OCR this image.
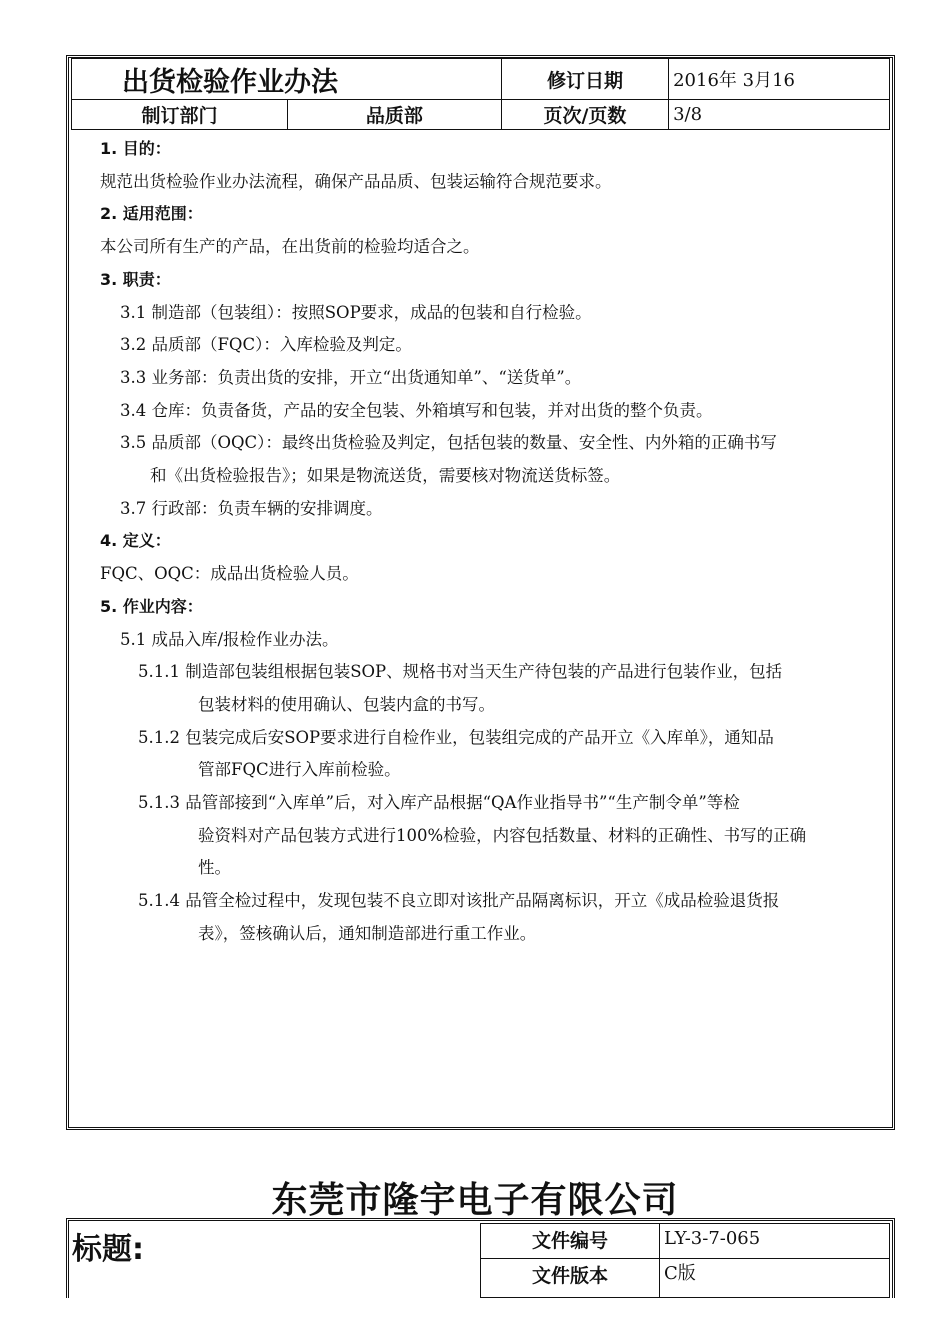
出货检验作业办法		修订日期	2016年 3月16
制订部门	品质部	页次/页数	3/8
1. 目的：
规范出货检验作业办法流程，确保产品品质、包装运输符合规范要求。
2. 适用范围：
本公司所有生产的产品，在出货前的检验均适合之。
3. 职责：
3.1 制造部（包装组）：按照SOP要求，成品的包装和自行检验。
3.2 品质部（FQC）：入库检验及判定。
3.3 业务部：负责出货的安排，开立“出货通知单”、“送货单”。
3.4 仓库：负责备货，产品的安全包装、外箱填写和包装，并对出货的整个负责。
3.5 品质部（OQC）：最终出货检验及判定，包括包装的数量、安全性、内外箱的正确书写
和《出货检验报告》；如果是物流送货，需要核对物流送货标签。
3.7 行政部：负责车辆的安排调度。
4. 定义：
FQC、OQC：成品出货检验人员。
5. 作业内容：
5.1 成品入库/报检作业办法。
5.1.1 制造部包装组根据包装SOP、规格书对当天生产待包装的产品进行包装作业，包括
包装材料的使用确认、包装内盒的书写。
5.1.2 包装完成后安SOP要求进行自检作业，包装组完成的产品开立《入库单》，通知品
管部FQC进行入库前检验。
5.1.3 品管部接到“入库单”后，对入库产品根据“QA作业指导书”“生产制令单”等检
验资料对产品包装方式进行100%检验，内容包括数量、材料的正确性、书写的正确
性。
5.1.4 品管全检过程中，发现包装不良立即对该批产品隔离标识，开立《成品检验退货报
表》，签核确认后，通知制造部进行重工作业。
东莞市隆宇电子有限公司
标题:	文件编号	LY-3-7-065
文件版本	C版
